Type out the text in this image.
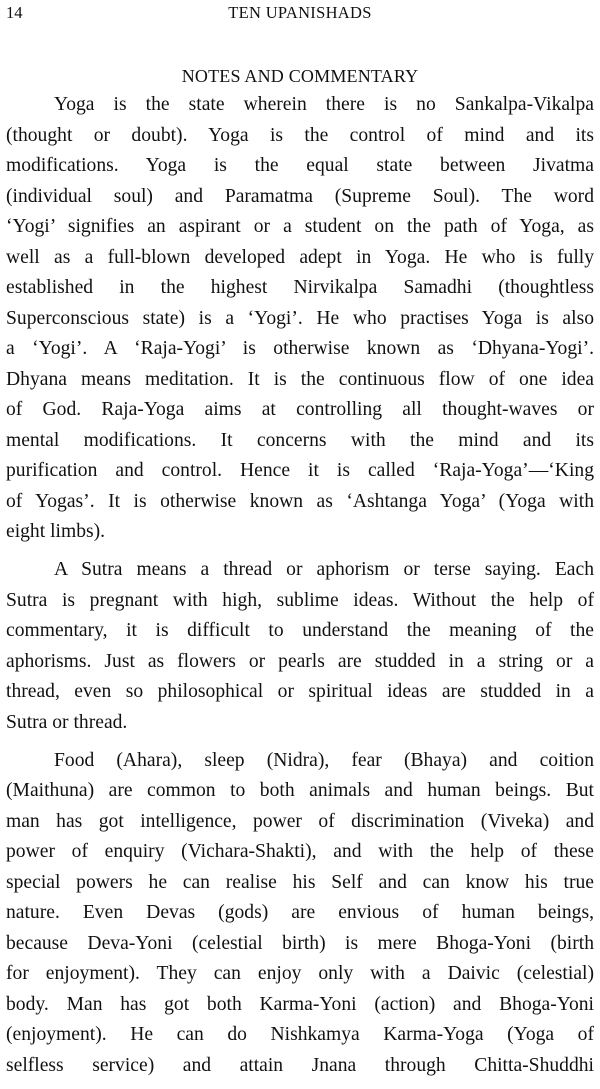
14	TEN UPANISHADS
NOTES AND COMMENTARY
Yoga is the state wherein there is no Sankalpa-Vikalpa
(thought or doubt). Yoga is the control of mind and its
modifications. Yoga is the equal state between Jivatma
(individual soul) and Paramatma (Supreme Soul). The word
‘Yogi’ signifies an aspirant or a student on the path of Yoga, as
well as a full-blown developed adept in Yoga. He who is fully
established in the highest Nirvikalpa Samadhi (thoughtless
Superconscious state) is a ‘Yogi’. He who practises Yoga is also
a ‘Yogi’. A ‘Raja-Yogi’ is otherwise known as ‘Dhyana-Yogi’.
Dhyana means meditation. It is the continuous flow of one idea
of God. Raja-Yoga aims at controlling all thought-waves or
mental modifications. It concerns with the mind and its
purification and control. Hence it is called ‘Raja-Yoga’—‘King
of Yogas’. It is otherwise known as ‘Ashtanga Yoga’ (Yoga with
eight limbs).
A Sutra means a thread or aphorism or terse saying. Each
Sutra is pregnant with high, sublime ideas. Without the help of
commentary, it is difficult to understand the meaning of the
aphorisms. Just as flowers or pearls are studded in a string or a
thread, even so philosophical or spiritual ideas are studded in a
Sutra or thread.
Food (Ahara), sleep (Nidra), fear (Bhaya) and coition
(Maithuna) are common to both animals and human beings. But
man has got intelligence, power of discrimination (Viveka) and
power of enquiry (Vichara-Shakti), and with the help of these
special powers he can realise his Self and can know his true
nature. Even Devas (gods) are envious of human beings,
because Deva-Yoni (celestial birth) is mere Bhoga-Yoni (birth
for enjoyment). They can enjoy only with a Daivic (celestial)
body. Man has got both Karma-Yoni (action) and Bhoga-Yoni
(enjoyment). He can do Nishkamya Karma-Yoga (Yoga of
selfless service) and attain Jnana through Chitta-Shuddhi
